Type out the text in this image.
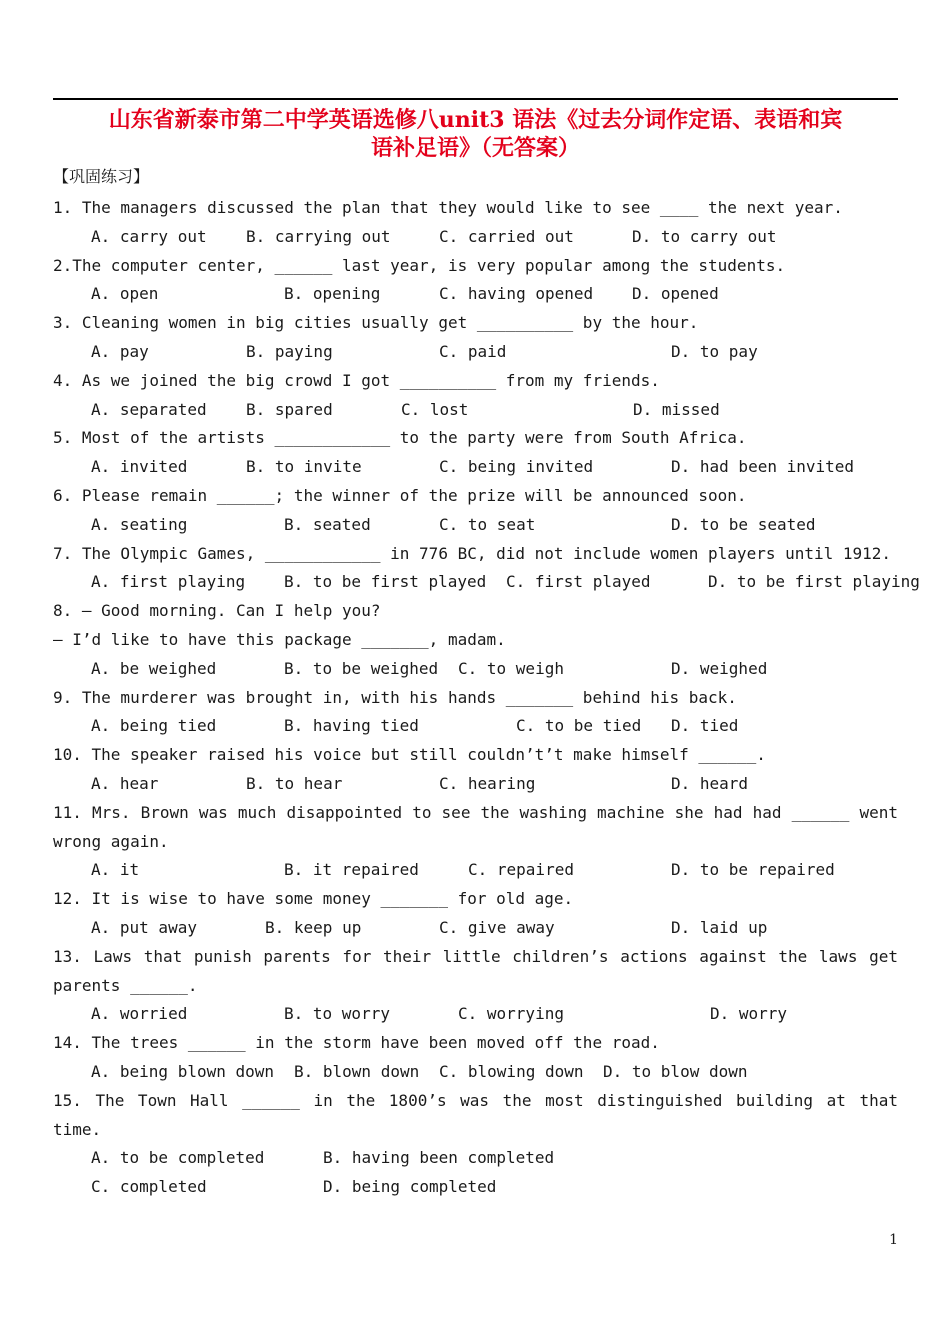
山东省新泰市第二中学英语选修八unit3 语法《过去分词作定语、表语和宾
语补足语》（无答案）
【巩固练习】
1. The managers discussed the plan that they would like to see ____ the next year.
A. carry out	B. carrying out	C. carried out	D. to carry out
2.The computer center, ______ last year, is very popular among the students.
A. open	B. opening	C. having opened	D. opened
3. Cleaning women in big cities usually get __________ by the hour.
A. pay	B. paying	C. paid	D. to pay
4. As we joined the big crowd I got __________ from my friends.
A. separated	B. spared	C. lost	D. missed
5. Most of the artists ____________ to the party were from South Africa.
A. invited	B. to invite	C. being invited	D. had been invited
6. Please remain ______; the winner of the prize will be announced soon.
A. seating	B. seated	C. to seat	D. to be seated
7. The Olympic Games, ____________ in 776 BC, did not include women players until 1912.
A. first playing	B. to be first played	C. first played	D. to be first playing
8. — Good morning. Can I help you?
— I’d like to have this package _______, madam.
A. be weighed	B. to be weighed	C. to weigh	D. weighed
9. The murderer was brought in, with his hands _______ behind his back.
A. being tied	B. having tied	C. to be tied	D. tied
10. The speaker raised his voice but still couldn’t’t make himself ______.
A. hear	B. to hear	C. hearing	D. heard
11. Mrs. Brown was much disappointed to see the washing machine she had had ______ went wrong again.
A. it	B. it repaired	C. repaired	D. to be repaired
12. It is wise to have some money _______ for old age.
A. put away	B. keep up	C. give away	D. laid up
13. Laws that punish parents for their little children’s actions against the laws get parents ______.
A. worried	B. to worry	C. worrying	D. worry
14. The trees ______ in the storm have been moved off the road.
A. being blown down	B. blown down	C. blowing down	D. to blow down
15. The Town Hall ______ in the 1800’s was the most distinguished building at that time.
A. to be completed	B. having been completed
C. completed	D. being completed
1
